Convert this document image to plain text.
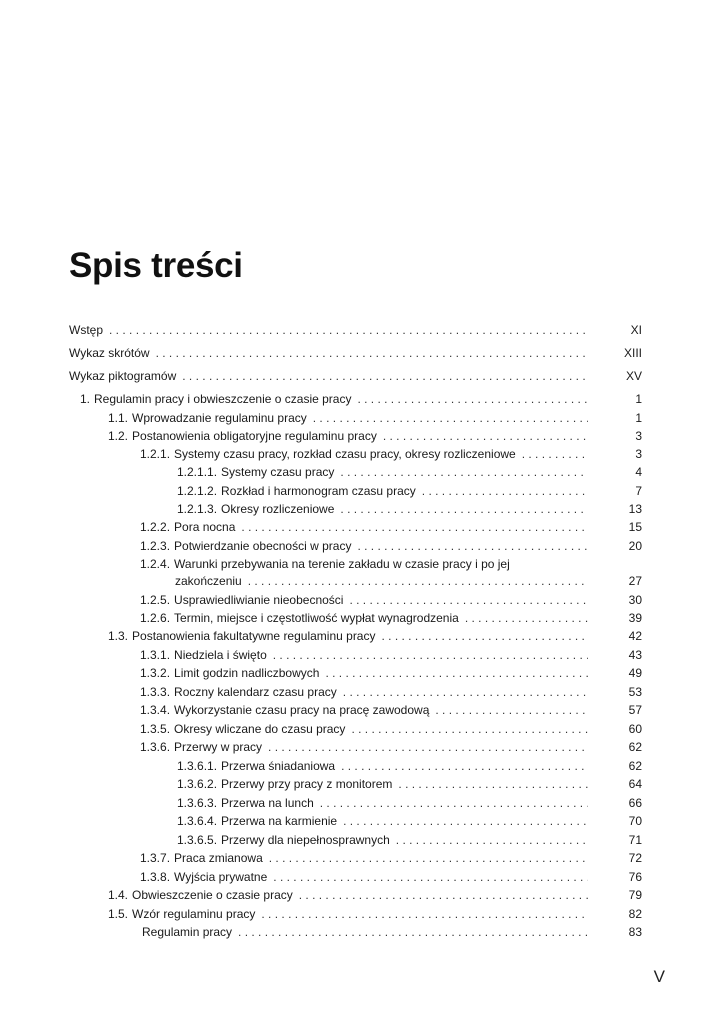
Spis treści
Wstęp . . .	XI
Wykaz skrótów . . .	XIII
Wykaz piktogramów . . .	XV
1. Regulamin pracy i obwieszczenie o czasie pracy . . .	1
1.1. Wprowadzanie regulaminu pracy . . .	1
1.2. Postanowienia obligatoryjne regulaminu pracy . . .	3
1.2.1. Systemy czasu pracy, rozkład czasu pracy, okresy rozliczeniowe . . .	3
1.2.1.1. Systemy czasu pracy . . .	4
1.2.1.2. Rozkład i harmonogram czasu pracy . . .	7
1.2.1.3. Okresy rozliczeniowe . . .	13
1.2.2. Pora nocna . . .	15
1.2.3. Potwierdzanie obecności w pracy . . .	20
1.2.4. Warunki przebywania na terenie zakładu w czasie pracy i po jej
zakończeniu . . .	27
1.2.5. Usprawiedliwianie nieobecności . . .	30
1.2.6. Termin, miejsce i częstotliwość wypłat wynagrodzenia . . .	39
1.3. Postanowienia fakultatywne regulaminu pracy . . .	42
1.3.1. Niedziela i święto . . .	43
1.3.2. Limit godzin nadliczbowych . . .	49
1.3.3. Roczny kalendarz czasu pracy . . .	53
1.3.4. Wykorzystanie czasu pracy na pracę zawodową . . .	57
1.3.5. Okresy wliczane do czasu pracy . . .	60
1.3.6. Przerwy w pracy . . .	62
1.3.6.1. Przerwa śniadaniowa . . .	62
1.3.6.2. Przerwy przy pracy z monitorem . . .	64
1.3.6.3. Przerwa na lunch . . .	66
1.3.6.4. Przerwa na karmienie . . .	70
1.3.6.5. Przerwy dla niepełnosprawnych . . .	71
1.3.7. Praca zmianowa . . .	72
1.3.8. Wyjścia prywatne . . .	76
1.4. Obwieszczenie o czasie pracy . . .	79
1.5. Wzór regulaminu pracy . . .	82
Regulamin pracy . . .	83
V
